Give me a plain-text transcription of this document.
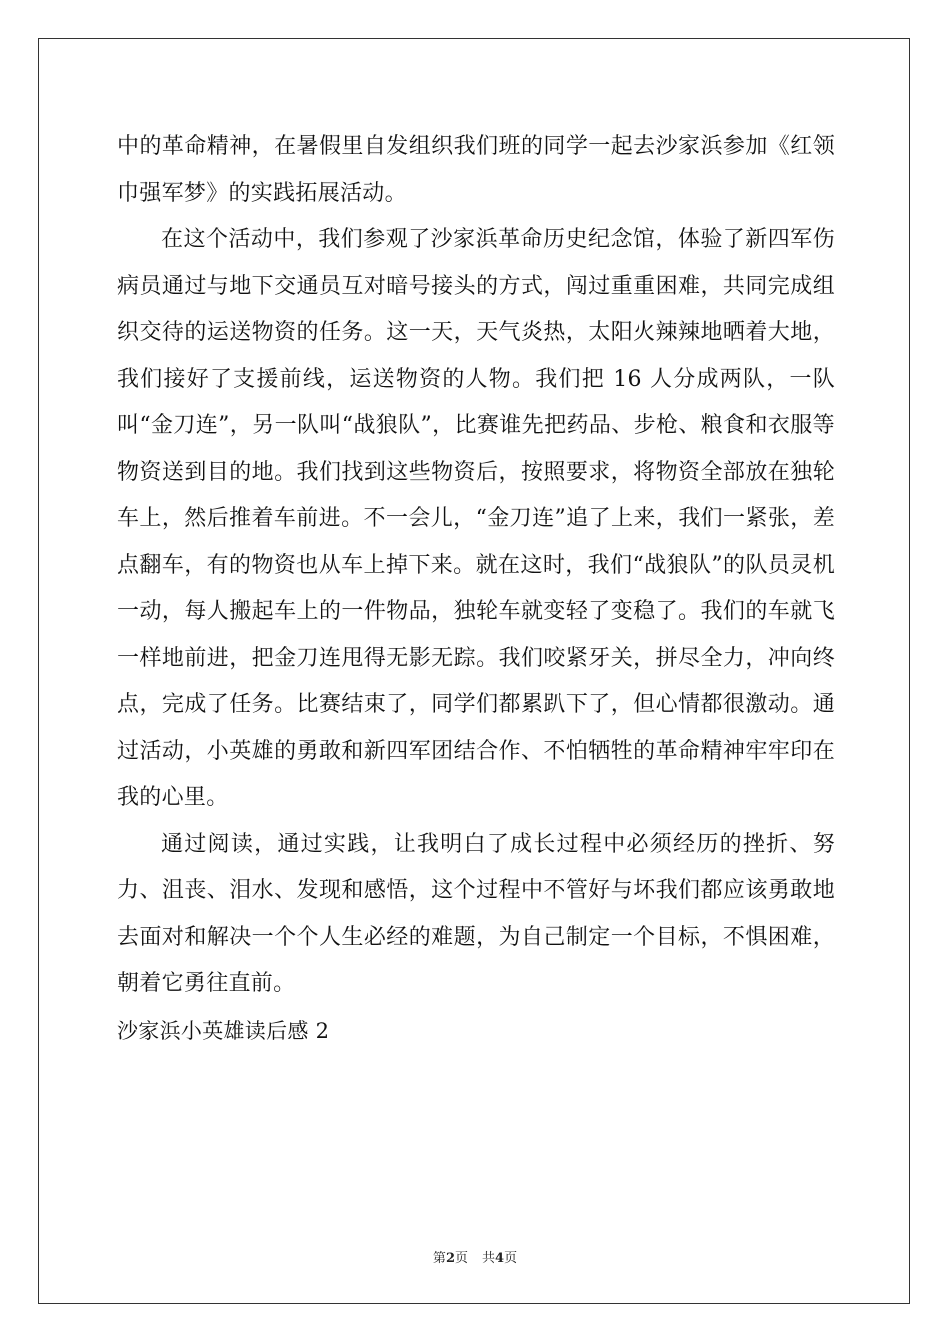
中的革命精神，在暑假里自发组织我们班的同学一起去沙家浜参加《红领巾强军梦》的实践拓展活动。

在这个活动中，我们参观了沙家浜革命历史纪念馆，体验了新四军伤病员通过与地下交通员互对暗号接头的方式，闯过重重困难，共同完成组织交待的运送物资的任务。这一天，天气炎热，太阳火辣辣地晒着大地，我们接好了支援前线，运送物资的人物。我们把 16 人分成两队，一队叫“金刀连”，另一队叫“战狼队”，比赛谁先把药品、步枪、粮食和衣服等物资送到目的地。我们找到这些物资后，按照要求，将物资全部放在独轮车上，然后推着车前进。不一会儿，“金刀连”追了上来，我们一紧张，差点翻车，有的物资也从车上掉下来。就在这时，我们“战狼队”的队员灵机一动，每人搬起车上的一件物品，独轮车就变轻了变稳了。我们的车就飞一样地前进，把金刀连甩得无影无踪。我们咬紧牙关，拼尽全力，冲向终点，完成了任务。比赛结束了，同学们都累趴下了，但心情都很激动。通过活动，小英雄的勇敢和新四军团结合作、不怕牺牲的革命精神牢牢印在我的心里。

通过阅读，通过实践，让我明白了成长过程中必须经历的挫折、努力、沮丧、泪水、发现和感悟，这个过程中不管好与坏我们都应该勇敢地去面对和解决一个个人生必经的难题，为自己制定一个目标，不惧困难，朝着它勇往直前。

沙家浜小英雄读后感 2

第2页 共4页
